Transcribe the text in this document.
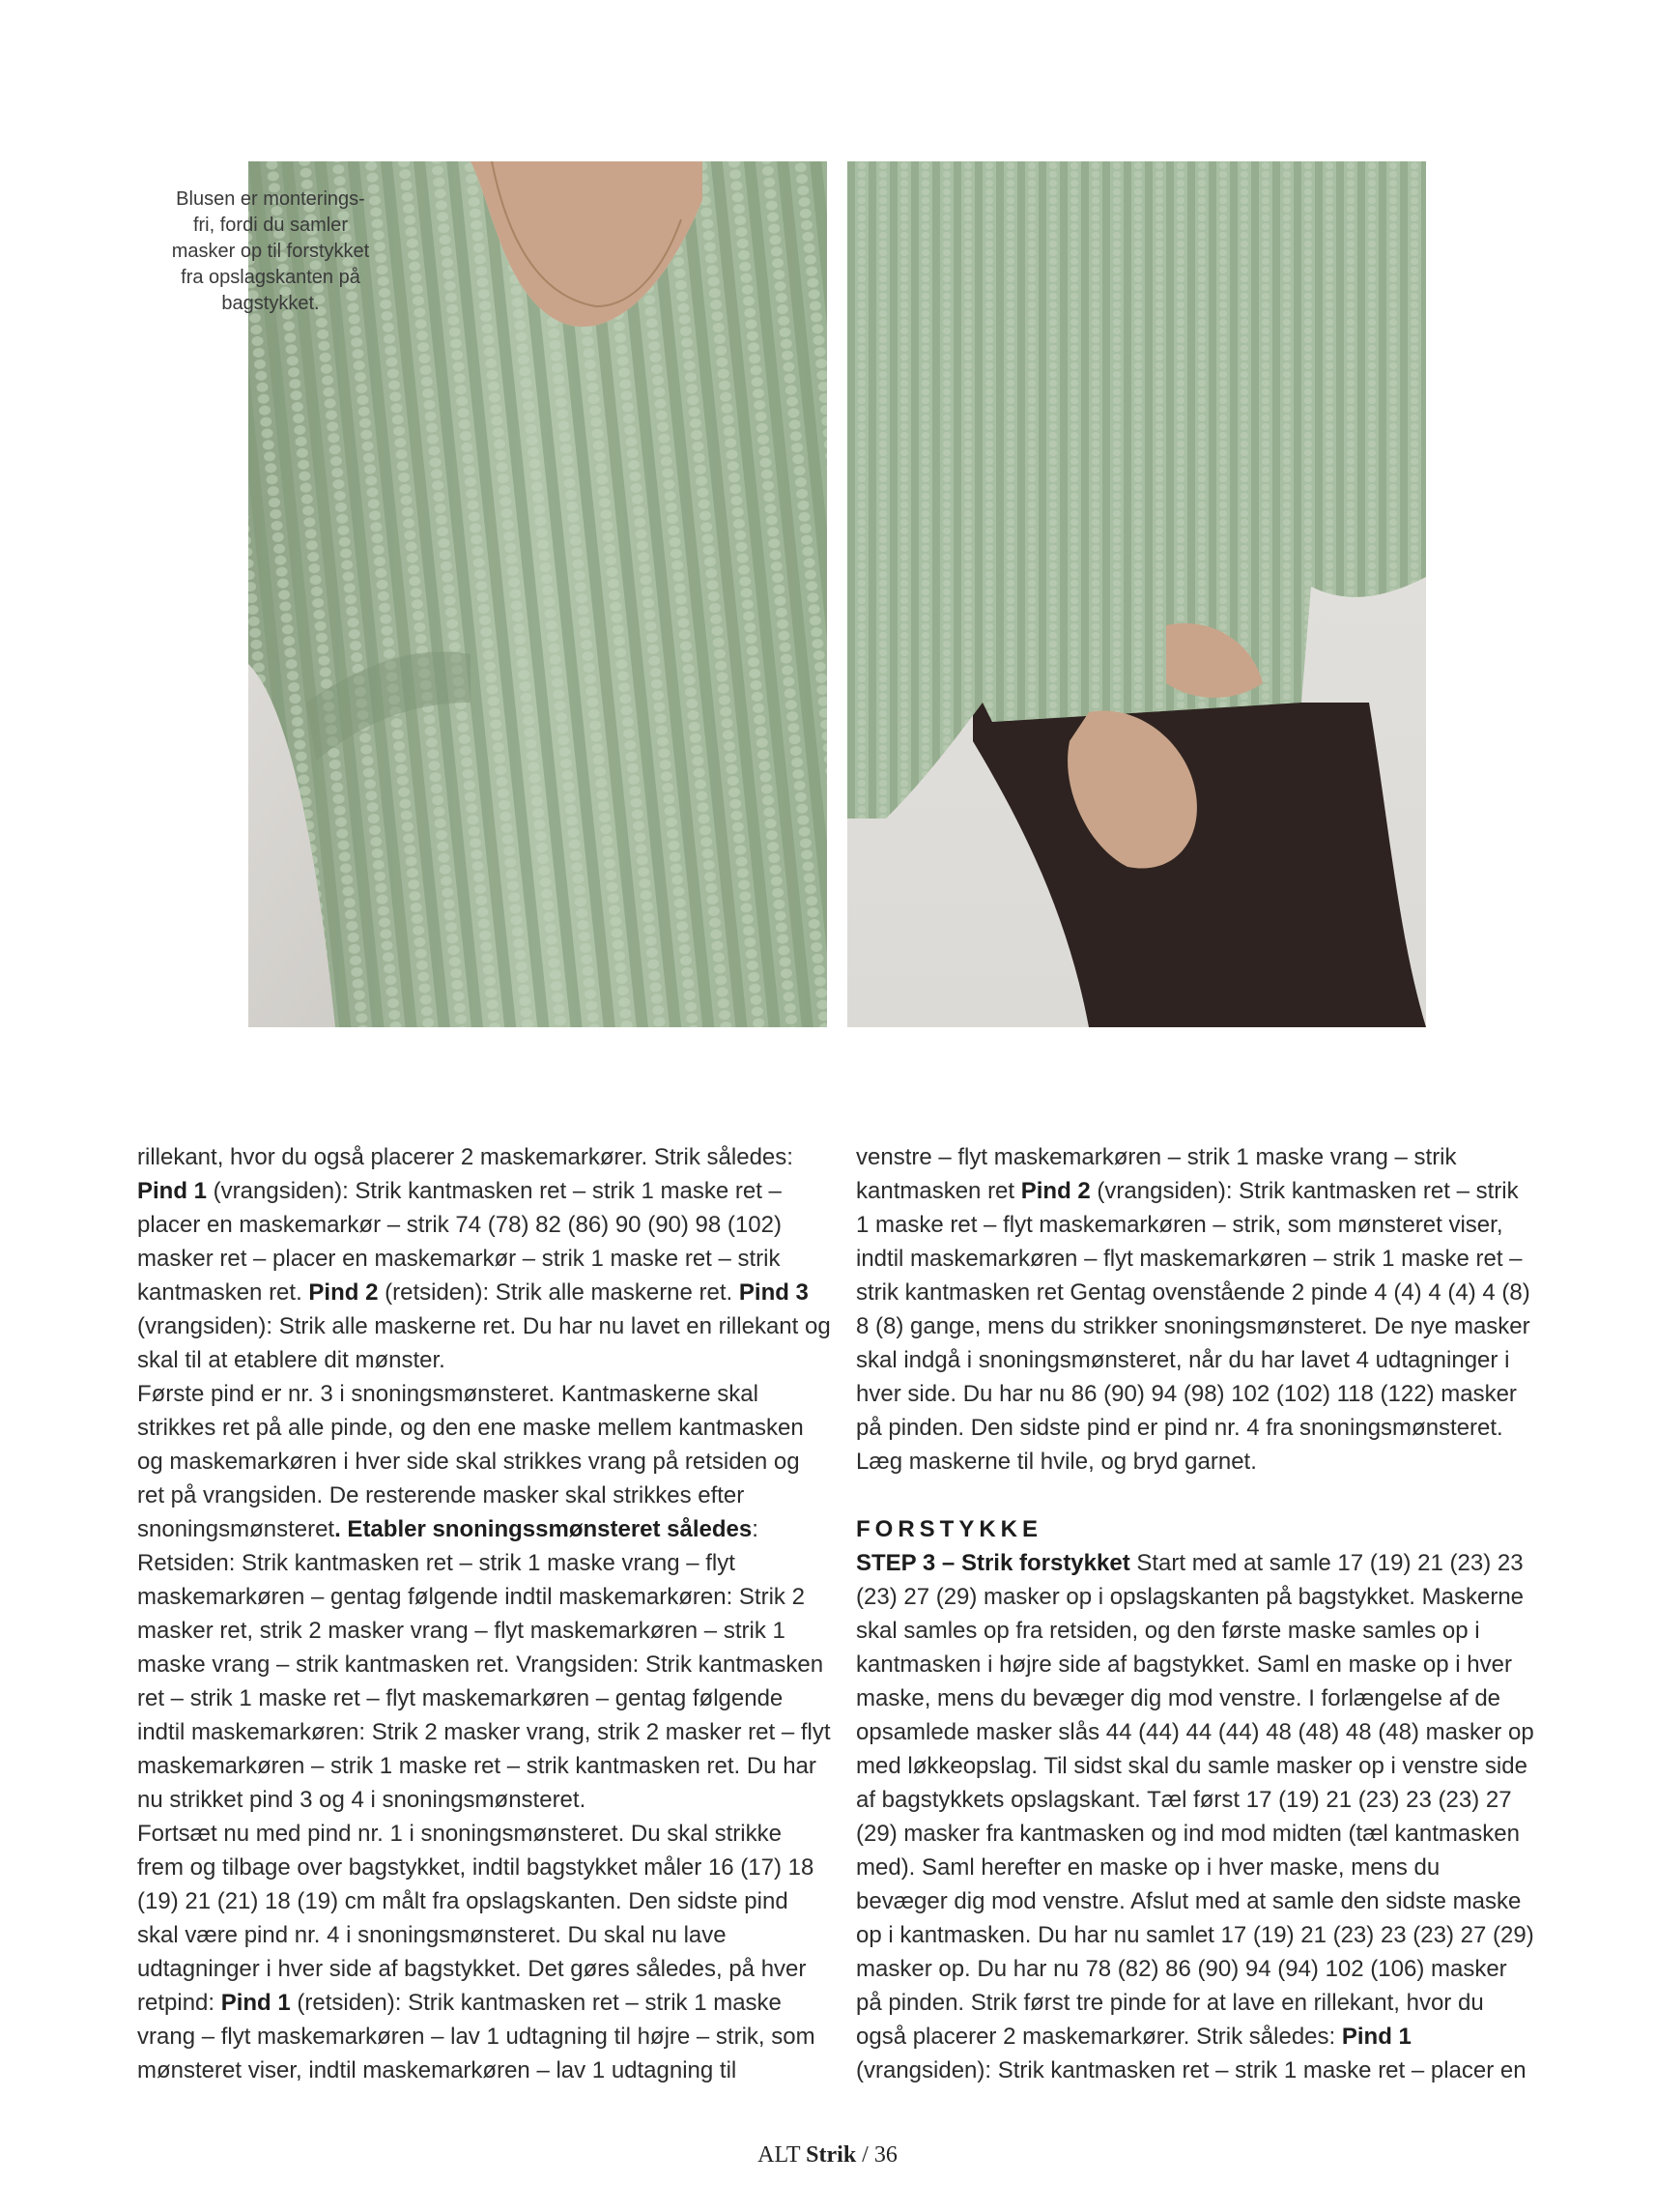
Blusen er monterings-
fri, fordi du samler
masker op til forstykket
fra opslagskanten på
bagstykket.

rillekant, hvor du også placerer 2 maskemarkører. Strik således: Pind 1 (vrangsiden): Strik kantmasken ret – strik 1 maske ret – placer en maskemarkør – strik 74 (78) 82 (86) 90 (90) 98 (102) masker ret – placer en maskemarkør – strik 1 maske ret – strik kantmasken ret. Pind 2 (retsiden): Strik alle maskerne ret. Pind 3 (vrangsiden): Strik alle maskerne ret. Du har nu lavet en rillekant og skal til at etablere dit mønster.

Første pind er nr. 3 i snoningsmønsteret. Kantmaskerne skal strikkes ret på alle pinde, og den ene maske mellem kantmasken og maskemarkøren i hver side skal strikkes vrang på retsiden og ret på vrangsiden. De resterende masker skal strikkes efter snoningsmønsteret. Etabler snoningssmønsteret således: Retsiden: Strik kantmasken ret – strik 1 maske vrang – flyt maskemarkøren – gentag følgende indtil maskemarkøren: Strik 2 masker ret, strik 2 masker vrang – flyt maskemarkøren – strik 1 maske vrang – strik kantmasken ret. Vrangsiden: Strik kantmasken ret – strik 1 maske ret – flyt maskemarkøren – gentag følgende indtil maskemarkøren: Strik 2 masker vrang, strik 2 masker ret – flyt maskemarkøren – strik 1 maske ret – strik kantmasken ret. Du har nu strikket pind 3 og 4 i snoningsmønsteret.

Fortsæt nu med pind nr. 1 i snoningsmønsteret. Du skal strikke frem og tilbage over bagstykket, indtil bagstykket måler 16 (17) 18 (19) 21 (21) 18 (19) cm målt fra opslagskanten. Den sidste pind skal være pind nr. 4 i snoningsmønsteret. Du skal nu lave udtagninger i hver side af bagstykket. Det gøres således, på hver retpind: Pind 1 (retsiden): Strik kantmasken ret – strik 1 maske vrang – flyt maskemarkøren – lav 1 udtagning til højre – strik, som mønsteret viser, indtil maskemarkøren – lav 1 udtagning til

venstre – flyt maskemarkøren – strik 1 maske vrang – strik kantmasken ret Pind 2 (vrangsiden): Strik kantmasken ret – strik 1 maske ret – flyt maskemarkøren – strik, som mønsteret viser, indtil maskemarkøren – flyt maskemarkøren – strik 1 maske ret – strik kantmasken ret Gentag ovenstående 2 pinde 4 (4) 4 (4) 4 (8) 8 (8) gange, mens du strikker snoningsmønsteret. De nye masker skal indgå i snoningsmønsteret, når du har lavet 4 udtagninger i hver side. Du har nu 86 (90) 94 (98) 102 (102) 118 (122) masker på pinden. Den sidste pind er pind nr. 4 fra snoningsmønsteret. Læg maskerne til hvile, og bryd garnet.

FORSTYKKE

STEP 3 – Strik forstykket Start med at samle 17 (19) 21 (23) 23 (23) 27 (29) masker op i opslagskanten på bagstykket. Maskerne skal samles op fra retsiden, og den første maske samles op i kantmasken i højre side af bagstykket. Saml en maske op i hver maske, mens du bevæger dig mod venstre. I forlængelse af de opsamlede masker slås 44 (44) 44 (44) 48 (48) 48 (48) masker op med løkkeopslag. Til sidst skal du samle masker op i venstre side af bagstykkets opslagskant. Tæl først 17 (19) 21 (23) 23 (23) 27 (29) masker fra kantmasken og ind mod midten (tæl kantmasken med). Saml herefter en maske op i hver maske, mens du bevæger dig mod venstre. Afslut med at samle den sidste maske op i kantmasken. Du har nu samlet 17 (19) 21 (23) 23 (23) 27 (29) masker op. Du har nu 78 (82) 86 (90) 94 (94) 102 (106) masker på pinden. Strik først tre pinde for at lave en rillekant, hvor du også placerer 2 maskemarkører. Strik således: Pind 1 (vrangsiden): Strik kantmasken ret – strik 1 maske ret – placer en

ALT Strik / 36
